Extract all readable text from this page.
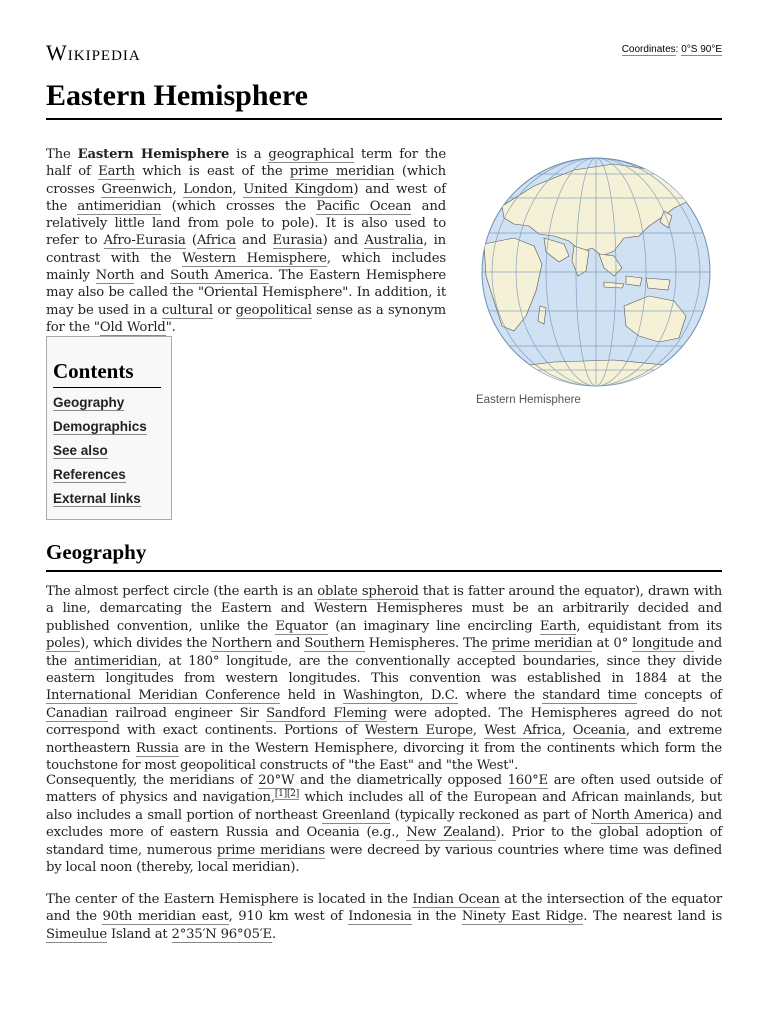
Wikipedia	Coordinates: 0°S 90°E
Eastern Hemisphere
The Eastern Hemisphere is a geographical term for the half of Earth which is east of the prime meridian (which crosses Greenwich, London, United Kingdom) and west of the antimeridian (which crosses the Pacific Ocean and relatively little land from pole to pole). It is also used to refer to Afro-Eurasia (Africa and Eurasia) and Australia, in contrast with the Western Hemisphere, which includes mainly North and South America. The Eastern Hemisphere may also be called the "Oriental Hemisphere". In addition, it may be used in a cultural or geopolitical sense as a synonym for the "Old World".
Eastern Hemisphere
Contents
Geography
Demographics
See also
References
External links
Geography

The almost perfect circle (the earth is an oblate spheroid that is fatter around the equator), drawn with a line, demarcating the Eastern and Western Hemispheres must be an arbitrarily decided and published convention, unlike the Equator (an imaginary line encircling Earth, equidistant from its poles), which divides the Northern and Southern Hemispheres. The prime meridian at 0° longitude and the antimeridian, at 180° longitude, are the conventionally accepted boundaries, since they divide eastern longitudes from western longitudes. This convention was established in 1884 at the International Meridian Conference held in Washington, D.C. where the standard time concepts of Canadian railroad engineer Sir Sandford Fleming were adopted. The Hemispheres agreed do not correspond with exact continents. Portions of Western Europe, West Africa, Oceania, and extreme northeastern Russia are in the Western Hemisphere, divorcing it from the continents which form the touchstone for most geopolitical constructs of "the East" and "the West".

Consequently, the meridians of 20°W and the diametrically opposed 160°E are often used outside of matters of physics and navigation,[1][2] which includes all of the European and African mainlands, but also includes a small portion of northeast Greenland (typically reckoned as part of North America) and excludes more of eastern Russia and Oceania (e.g., New Zealand). Prior to the global adoption of standard time, numerous prime meridians were decreed by various countries where time was defined by local noon (thereby, local meridian).

The center of the Eastern Hemisphere is located in the Indian Ocean at the intersection of the equator and the 90th meridian east, 910 km west of Indonesia in the Ninety East Ridge. The nearest land is Simeulue Island at 2°35′N 96°05′E.
